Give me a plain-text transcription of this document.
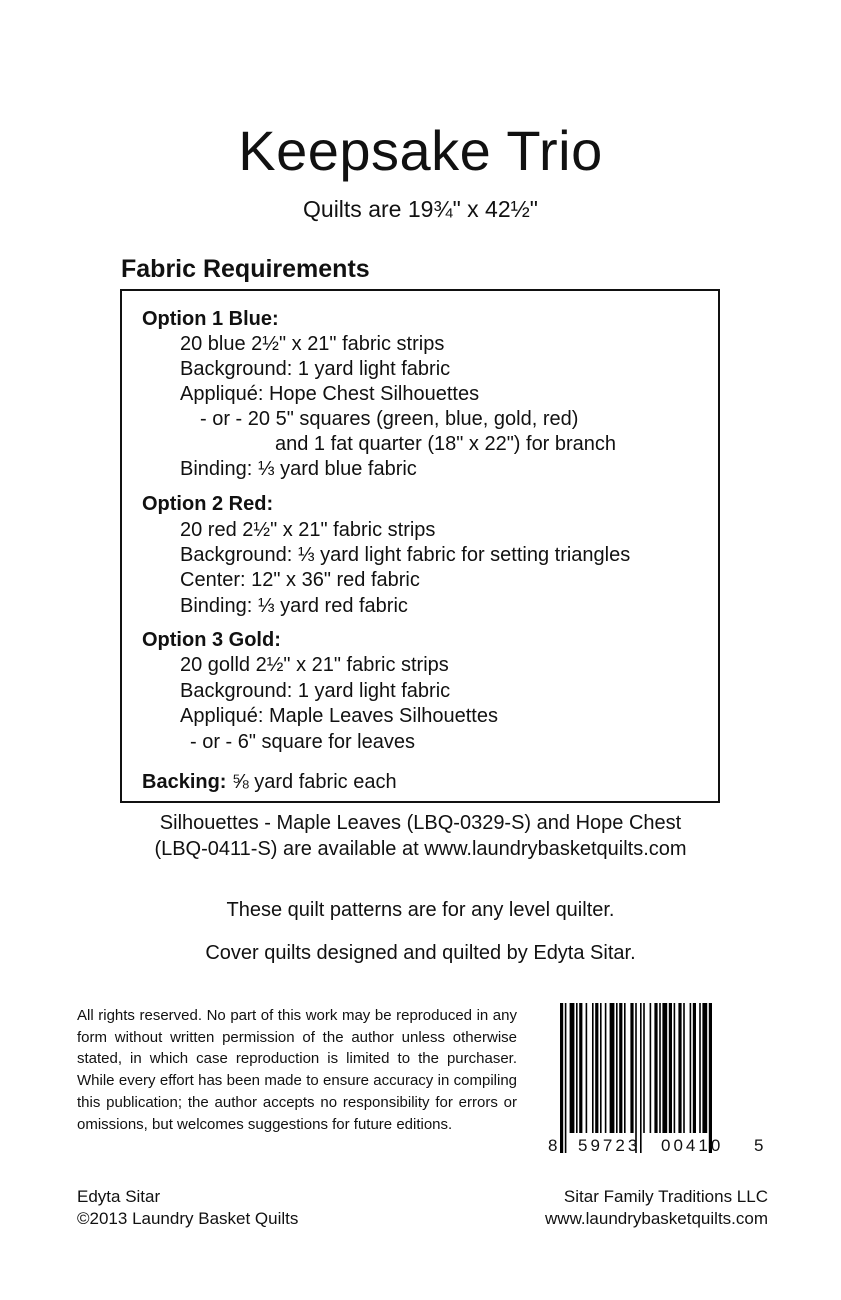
Keepsake Trio
Quilts are 19¾" x 42½"
Fabric Requirements
Option 1 Blue:
20 blue 2½" x 21" fabric strips
Background: 1 yard light fabric
Appliqué: Hope Chest Silhouettes
- or - 20 5" squares (green, blue, gold, red)
and 1 fat quarter (18" x 22") for branch
Binding: ⅓ yard blue fabric
Option 2 Red:
20 red 2½" x 21" fabric strips
Background: ⅓ yard light fabric for setting triangles
Center: 12" x 36" red fabric
Binding: ⅓ yard red fabric
Option 3 Gold:
20 golld 2½" x 21" fabric strips
Background: 1 yard light fabric
Appliqué: Maple Leaves Silhouettes
- or - 6" square for leaves
Backing: ⅝ yard fabric each
Silhouettes - Maple Leaves (LBQ-0329-S) and Hope Chest
(LBQ-0411-S) are available at www.laundrybasketquilts.com
These quilt patterns are for any level quilter.
Cover quilts designed and quilted by Edyta Sitar.
All rights reserved. No part of this work may be reproduced in any form without written permission of the author unless otherwise stated, in which case reproduction is limited to the purchaser. While every effort has been made to ensure accuracy in compiling this publication; the author accepts no responsibility for errors or omissions, but welcomes suggestions for future editions.
8 59723 00410 5
Edyta Sitar
©2013 Laundry Basket Quilts
Sitar Family Traditions LLC
www.laundrybasketquilts.com
